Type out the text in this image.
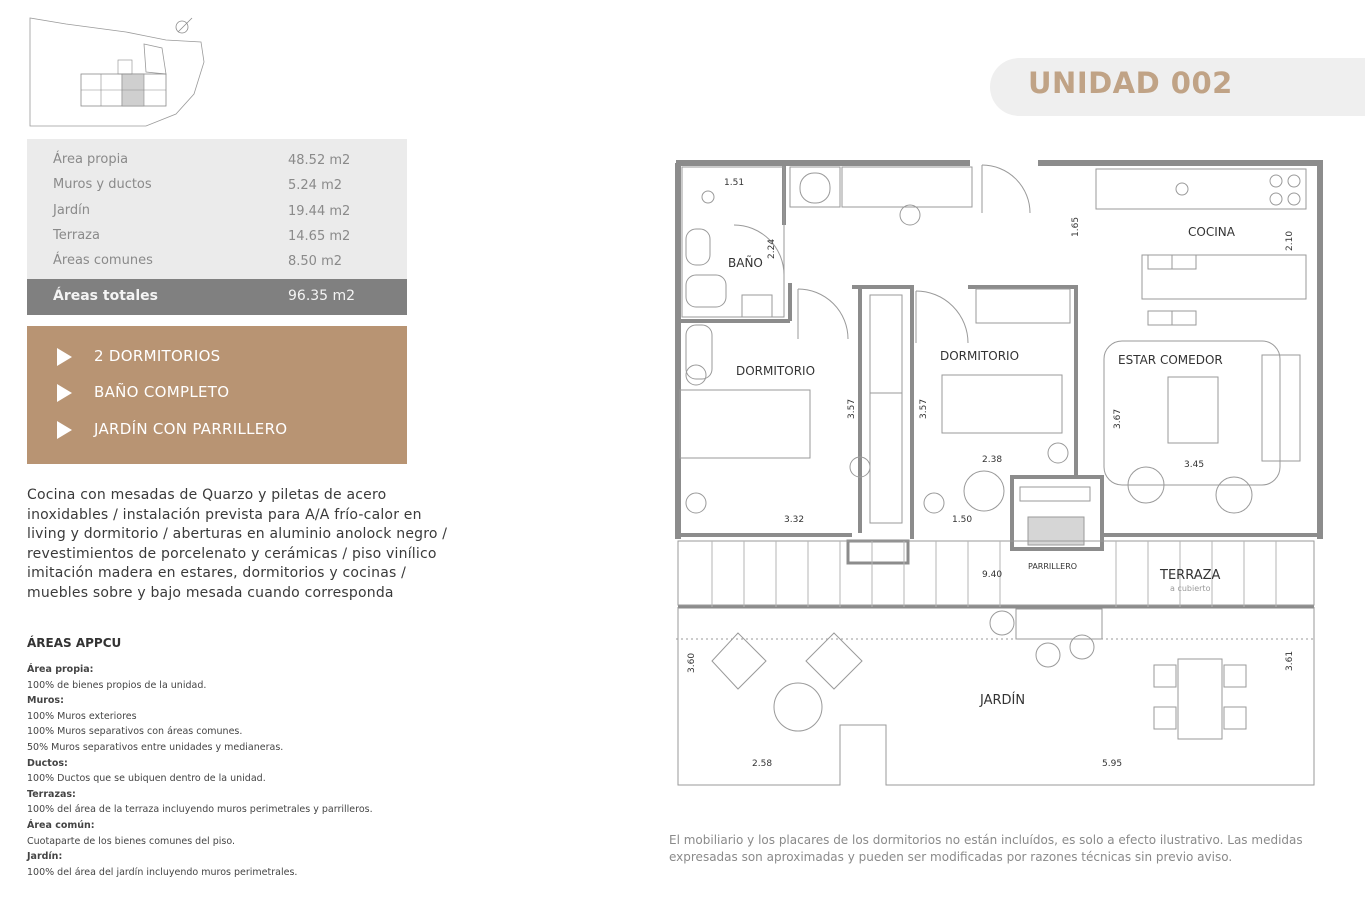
UNIDAD 002
Área propia	48.52 m2
Muros y ductos	5.24 m2
Jardín	19.44 m2
Terraza	14.65 m2
Áreas comunes	8.50 m2
Áreas totales	96.35 m2
2 DORMITORIOS
BAÑO COMPLETO
JARDÍN CON PARRILLERO
Cocina con mesadas de Quarzo y piletas de acero inoxidables / instalación prevista para A/A frío-calor en living y dormitorio / aberturas en aluminio anolock negro / revestimientos de porcelenato y cerámicas / piso vinílico imitación madera en estares, dormitorios y cocinas / muebles sobre y bajo mesada cuando corresponda
ÁREAS APPCU
Área propia:
100% de bienes propios de la unidad.
Muros:
100% Muros exteriores
100% Muros separativos con áreas comunes.
50% Muros separativos entre unidades y medianeras.
Ductos:
100% Ductos que se ubiquen dentro de la unidad.
Terrazas:
100% del área de la terraza incluyendo muros perimetrales y parrilleros.
Área común:
Cuotaparte de los bienes comunes del piso.
Jardín:
100% del área del jardín incluyendo muros perimetrales.
BAÑO
COCINA
DORMITORIO
DORMITORIO	ESTAR COMEDOR
PARRILLERO
TERRAZA
a cubierto
JARDÍN
1.51
2.24
1.65
2.10
3.57	3.57	3.67
2.38	3.45
3.32	1.50
9.40
3.60	3.61
2.58	5.95
El mobiliario y los placares de los dormitorios no están incluídos, es solo a efecto ilustrativo. Las medidas expresadas son aproximadas y pueden ser modificadas por razones técnicas sin previo aviso.
